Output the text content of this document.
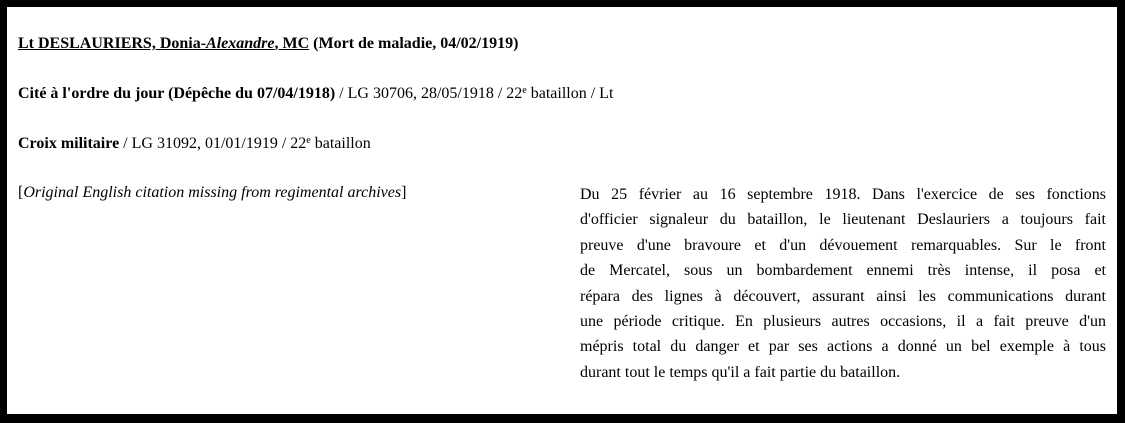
Lt DESLAURIERS, Donia-Alexandre, MC (Mort de maladie, 04/02/1919)
Cité à l'ordre du jour (Dépêche du 07/04/1918) / LG 30706, 28/05/1918 / 22e bataillon / Lt
Croix militaire / LG 31092, 01/01/1919 / 22e bataillon
[Original English citation missing from regimental archives]	Du 25 février au 16 septembre 1918. Dans l'exercice de ses fonctions
d'officier signaleur du bataillon, le lieutenant Deslauriers a toujours fait
preuve d'une bravoure et d'un dévouement remarquables. Sur le front
de Mercatel, sous un bombardement ennemi très intense, il posa et
répara des lignes à découvert, assurant ainsi les communications durant
une période critique. En plusieurs autres occasions, il a fait preuve d'un
mépris total du danger et par ses actions a donné un bel exemple à tous
durant tout le temps qu'il a fait partie du bataillon.
